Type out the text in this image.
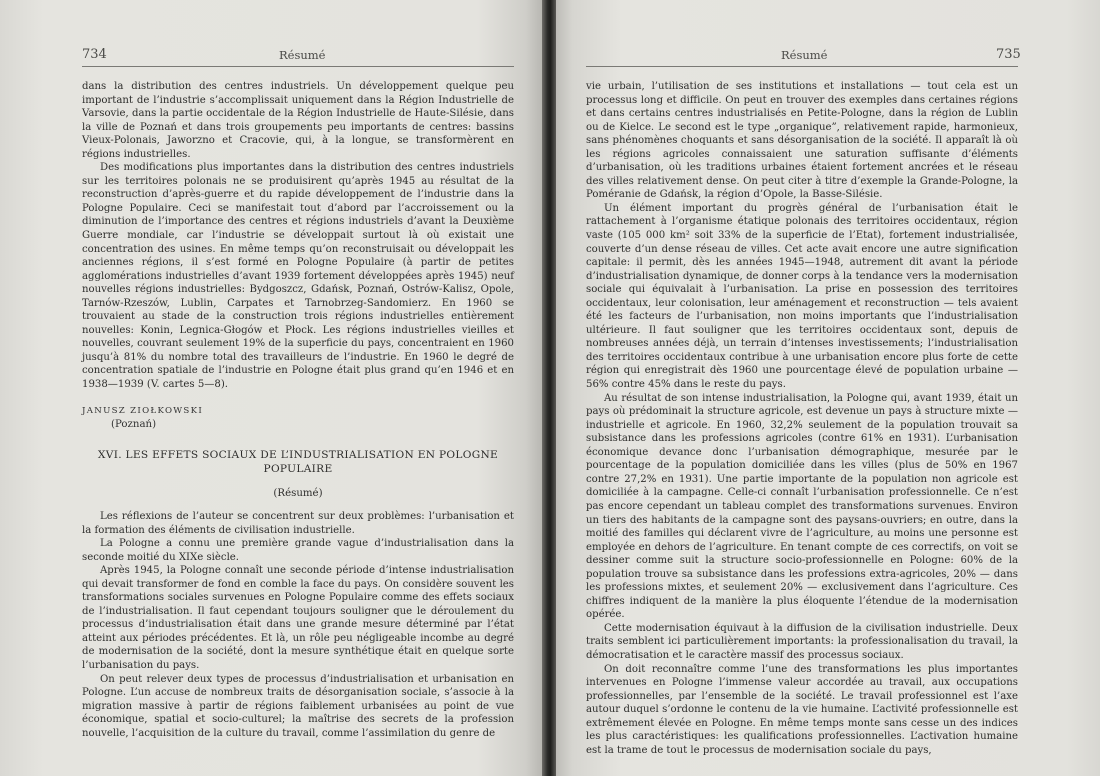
734	Résumé

dans la distribution des centres industriels. Un développement quelque peu important de l’industrie s’accomplissait uniquement dans la Région Industrielle de Varsovie, dans la partie occidentale de la Région Industrielle de Haute-Silésie, dans la ville de Poznań et dans trois groupements peu importants de centres: bassins Vieux-Polonais, Jaworzno et Cracovie, qui, à la longue, se transformèrent en régions industrielles.

Des modifications plus importantes dans la distribution des centres industriels sur les territoires polonais ne se produisirent qu’après 1945 au résultat de la reconstruction d’après-guerre et du rapide développement de l’industrie dans la Pologne Populaire. Ceci se manifestait tout d’abord par l’accroissement ou la diminution de l’importance des centres et régions industriels d’avant la Deuxième Guerre mondiale, car l’industrie se développait surtout là où existait une concentration des usines. En même temps qu’on reconstruisait ou développait les anciennes régions, il s’est formé en Pologne Populaire (à partir de petites agglomérations industrielles d’avant 1939 fortement développées après 1945) neuf nouvelles régions industrielles: Bydgoszcz, Gdańsk, Poznań, Ostrów-Kalisz, Opole, Tarnów-Rzeszów, Lublin, Carpates et Tarnobrzeg-Sandomierz. En 1960 se trouvaient au stade de la construction trois régions industrielles entièrement nouvelles: Konin, Legnica-Głogów et Płock. Les régions industrielles vieilles et nouvelles, couvrant seulement 19% de la superficie du pays, concentraient en 1960 jusqu’à 81% du nombre total des travailleurs de l’industrie. En 1960 le degré de concentration spatiale de l’industrie en Pologne était plus grand qu’en 1946 et en 1938—1939 (V. cartes 5—8).

JANUSZ ZIOŁKOWSKI
(Poznań)
XVI. LES EFFETS SOCIAUX DE L’INDUSTRIALISATION EN POLOGNE
POPULAIRE
(Résumé)

Les réflexions de l’auteur se concentrent sur deux problèmes: l’urbanisation et la formation des éléments de civilisation industrielle.

La Pologne a connu une première grande vague d’industrialisation dans la seconde moitié du XIXe siècle.

Après 1945, la Pologne connaît une seconde période d’intense industrialisation qui devait transformer de fond en comble la face du pays. On considère souvent les transformations sociales survenues en Pologne Populaire comme des effets sociaux de l’industrialisation. Il faut cependant toujours souligner que le déroulement du processus d’industrialisation était dans une grande mesure déterminé par l’état atteint aux périodes précédentes. Et là, un rôle peu négligeable incombe au degré de modernisation de la société, dont la mesure synthétique était en quelque sorte l’urbanisation du pays.

On peut relever deux types de processus d’industrialisation et urbanisation en Pologne. L’un accuse de nombreux traits de désorganisation sociale, s’associe à la migration massive à partir de régions faiblement urbanisées au point de vue économique, spatial et socio-culturel; la maîtrise des secrets de la profession nouvelle, l’acquisition de la culture du travail, comme l’assimilation du genre de

Résumé	735

vie urbain, l’utilisation de ses institutions et installations — tout cela est un processus long et difficile. On peut en trouver des exemples dans certaines régions et dans certains centres industrialisés en Petite-Pologne, dans la région de Lublin ou de Kielce. Le second est le type „organique”, relativement rapide, harmonieux, sans phénomènes choquants et sans désorganisation de la société. Il apparaît là où les régions agricoles connaissaient une saturation suffisante d’éléments d’urbanisation, où les traditions urbaines étaient fortement ancrées et le réseau des villes relativement dense. On peut citer à titre d’exemple la Grande-Pologne, la Poméranie de Gdańsk, la région d’Opole, la Basse-Silésie.

Un élément important du progrès général de l’urbanisation était le rattachement à l’organisme étatique polonais des territoires occidentaux, région vaste (105 000 km² soit 33% de la superficie de l’Etat), fortement industrialisée, couverte d’un dense réseau de villes. Cet acte avait encore une autre signification capitale: il permit, dès les années 1945—1948, autrement dit avant la période d’industrialisation dynamique, de donner corps à la tendance vers la modernisation sociale qui équivalait à l’urbanisation. La prise en possession des territoires occidentaux, leur colonisation, leur aménagement et reconstruction — tels avaient été les facteurs de l’urbanisation, non moins importants que l’industrialisation ultérieure. Il faut souligner que les territoires occidentaux sont, depuis de nombreuses années déjà, un terrain d’intenses investissements; l’industrialisation des territoires occidentaux contribue à une urbanisation encore plus forte de cette région qui enregistrait dès 1960 une pourcentage élevé de population urbaine — 56% contre 45% dans le reste du pays.

Au résultat de son intense industrialisation, la Pologne qui, avant 1939, était un pays où prédominait la structure agricole, est devenue un pays à structure mixte — industrielle et agricole. En 1960, 32,2% seulement de la population trouvait sa subsistance dans les professions agricoles (contre 61% en 1931). L’urbanisation économique devance donc l’urbanisation démographique, mesurée par le pourcentage de la population domiciliée dans les villes (plus de 50% en 1967 contre 27,2% en 1931). Une partie importante de la population non agricole est domiciliée à la campagne. Celle-ci connaît l’urbanisation professionnelle. Ce n’est pas encore cependant un tableau complet des transformations survenues. Environ un tiers des habitants de la campagne sont des paysans-ouvriers; en outre, dans la moitié des familles qui déclarent vivre de l’agriculture, au moins une personne est employée en dehors de l’agriculture. En tenant compte de ces correctifs, on voit se dessiner comme suit la structure socio-professionnelle en Pologne: 60% de la population trouve sa subsistance dans les professions extra-agricoles, 20% — dans les professions mixtes, et seulement 20% — exclusivement dans l’agriculture. Ces chiffres indiquent de la manière la plus éloquente l’étendue de la modernisation opérée.

Cette modernisation équivaut à la diffusion de la civilisation industrielle. Deux traits semblent ici particulièrement importants: la professionalisation du travail, la démocratisation et le caractère massif des processus sociaux.

On doit reconnaître comme l’une des transformations les plus importantes intervenues en Pologne l’immense valeur accordée au travail, aux occupations professionnelles, par l’ensemble de la société. Le travail professionnel est l’axe autour duquel s’ordonne le contenu de la vie humaine. L’activité professionnelle est extrêmement élevée en Pologne. En même temps monte sans cesse un des indices les plus caractéristiques: les qualifications professionnelles. L’activation humaine est la trame de tout le processus de modernisation sociale du pays,
